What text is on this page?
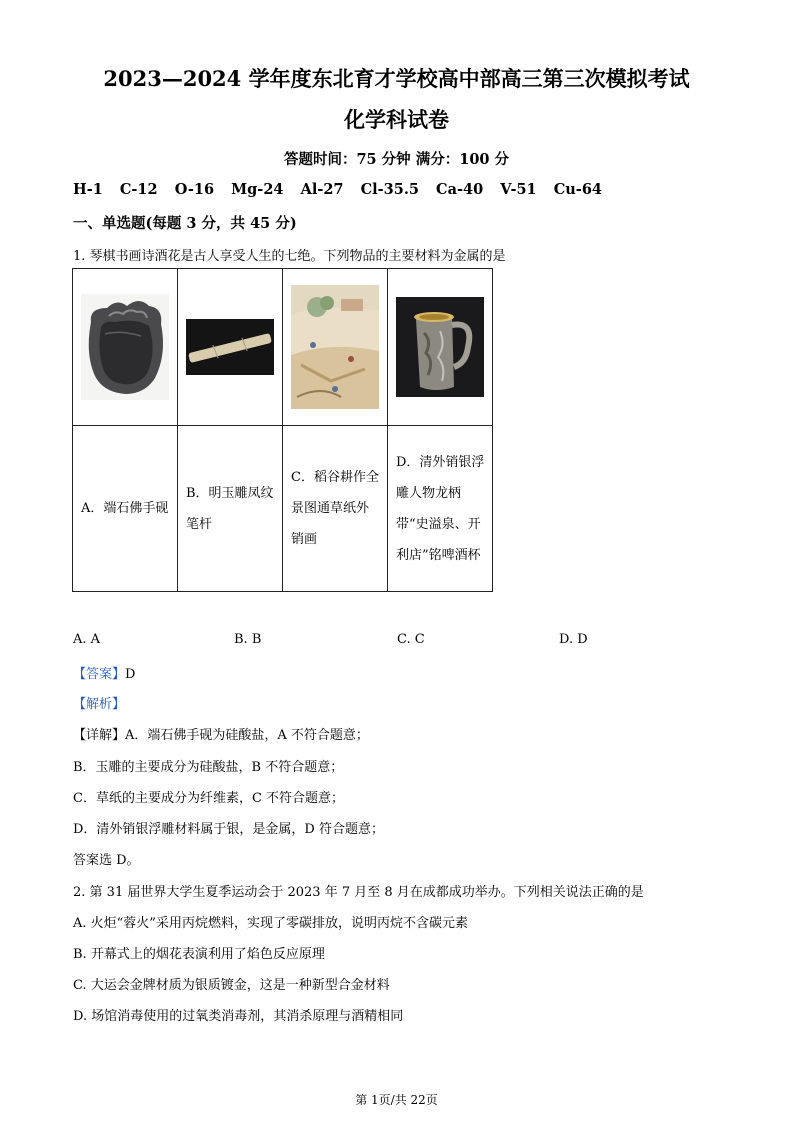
2023—2024 学年度东北育才学校高中部高三第三次模拟考试
化学科试卷
答题时间：75 分钟 满分：100 分
H-1 C-12 O-16 Mg-24 Al-27 Cl-35.5 Ca-40 V-51 Cu-64
一、单选题(每题 3 分，共 45 分)
1. 琴棋书画诗酒花是古人享受人生的七绝。下列物品的主要材料为金属的是

A．端石佛手砚	B．明玉雕凤纹笔杆	C．稻谷耕作全景图通草纸外销画	D．清外销银浮雕人物龙柄带“史溢泉、开利店”铭啤酒杯
A. A	B. B	C. C	D. D
【答案】D
【解析】
【详解】A．端石佛手砚为硅酸盐，A 不符合题意；
B．玉雕的主要成分为硅酸盐，B 不符合题意；
C．草纸的主要成分为纤维素，C 不符合题意；
D．清外销银浮雕材料属于银，是金属，D 符合题意；
答案选 D。
2. 第 31 届世界大学生夏季运动会于 2023 年 7 月至 8 月在成都成功举办。下列相关说法正确的是
A. 火炬“蓉火”采用丙烷燃料，实现了零碳排放，说明丙烷不含碳元素
B. 开幕式上的烟花表演利用了焰色反应原理
C. 大运会金牌材质为银质镀金，这是一种新型合金材料
D. 场馆消毒使用的过氧类消毒剂，其消杀原理与酒精相同
第 1页/共 22页
